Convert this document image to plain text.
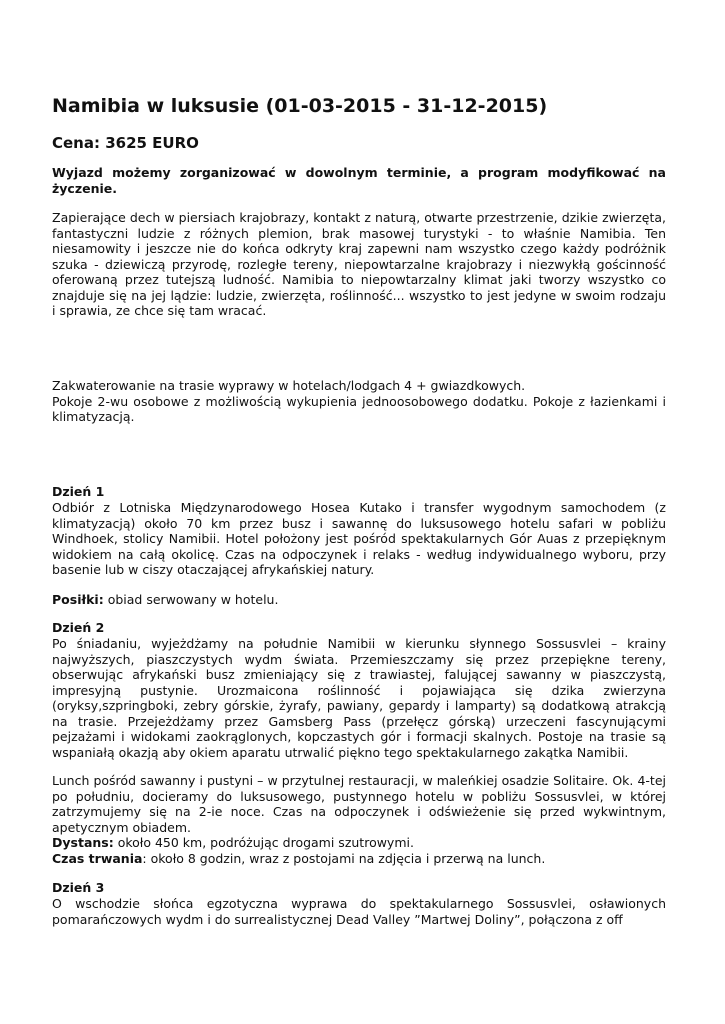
Namibia w luksusie (01-03-2015 - 31-12-2015)
Cena: 3625 EURO

Wyjazd możemy zorganizować w dowolnym terminie, a program modyfikować na życzenie.

Zapierające dech w piersiach krajobrazy, kontakt z naturą, otwarte przestrzenie, dzikie zwierzęta, fantastyczni ludzie z różnych plemion, brak masowej turystyki - to właśnie Namibia. Ten niesamowity i jeszcze nie do końca odkryty kraj zapewni nam wszystko czego każdy podróżnik szuka - dziewiczą przyrodę, rozległe tereny, niepowtarzalne krajobrazy i niezwykłą gościnność oferowaną przez tutejszą ludność. Namibia to niepowtarzalny klimat jaki tworzy wszystko co znajduje się na jej lądzie: ludzie, zwierzęta, roślinność... wszystko to jest jedyne w swoim rodzaju i sprawia, ze chce się tam wracać.

Zakwaterowanie na trasie wyprawy w hotelach/lodgach 4 + gwiazdkowych.
Pokoje 2-wu osobowe z możliwością wykupienia jednoosobowego dodatku. Pokoje z łazienkami i klimatyzacją.

Dzień 1

Odbiór z Lotniska Międzynarodowego Hosea Kutako i transfer wygodnym samochodem (z klimatyzacją) około 70 km przez busz i sawannę do luksusowego hotelu safari w pobliżu Windhoek, stolicy Namibii. Hotel położony jest pośród spektakularnych Gór Auas z przepięknym widokiem na całą okolicę. Czas na odpoczynek i relaks - według indywidualnego wyboru, przy basenie lub w ciszy otaczającej afrykańskiej natury.

Posiłki: obiad serwowany w hotelu.

Dzień 2

Po śniadaniu, wyjeżdżamy na południe Namibii w kierunku słynnego Sossusvlei – krainy najwyższych, piaszczystych wydm świata. Przemieszczamy się przez przepiękne tereny, obserwując afrykański busz zmieniający się z trawiastej, falującej sawanny w piaszczystą, impresyjną pustynie. Urozmaicona roślinność i pojawiająca się dzika zwierzyna (oryksy,szpringboki, zebry górskie, żyrafy, pawiany, gepardy i lamparty) są dodatkową atrakcją na trasie. Przejeżdżamy przez Gamsberg Pass (przełęcz górską) urzeczeni fascynującymi pejzażami i widokami zaokrąglonych, kopczastych gór i formacji skalnych. Postoje na trasie są wspaniałą okazją aby okiem aparatu utrwalić piękno tego spektakularnego zakątka Namibii.

Lunch pośród sawanny i pustyni – w przytulnej restauracji, w maleńkiej osadzie Solitaire. Ok. 4-tej po południu, docieramy do luksusowego, pustynnego hotelu w pobliżu Sossusvlei, w której zatrzymujemy się na 2-ie noce. Czas na odpoczynek i odświeżenie się przed wykwintnym, apetycznym obiadem.
Dystans: około 450 km, podróżując drogami szutrowymi.
Czas trwania: około 8 godzin, wraz z postojami na zdjęcia i przerwą na lunch.

Dzień 3

O wschodzie słońca egzotyczna wyprawa do spektakularnego Sossusvlei, osławionych pomarańczowych wydm i do surrealistycznej Dead Valley ”Martwej Doliny”, połączona z off
